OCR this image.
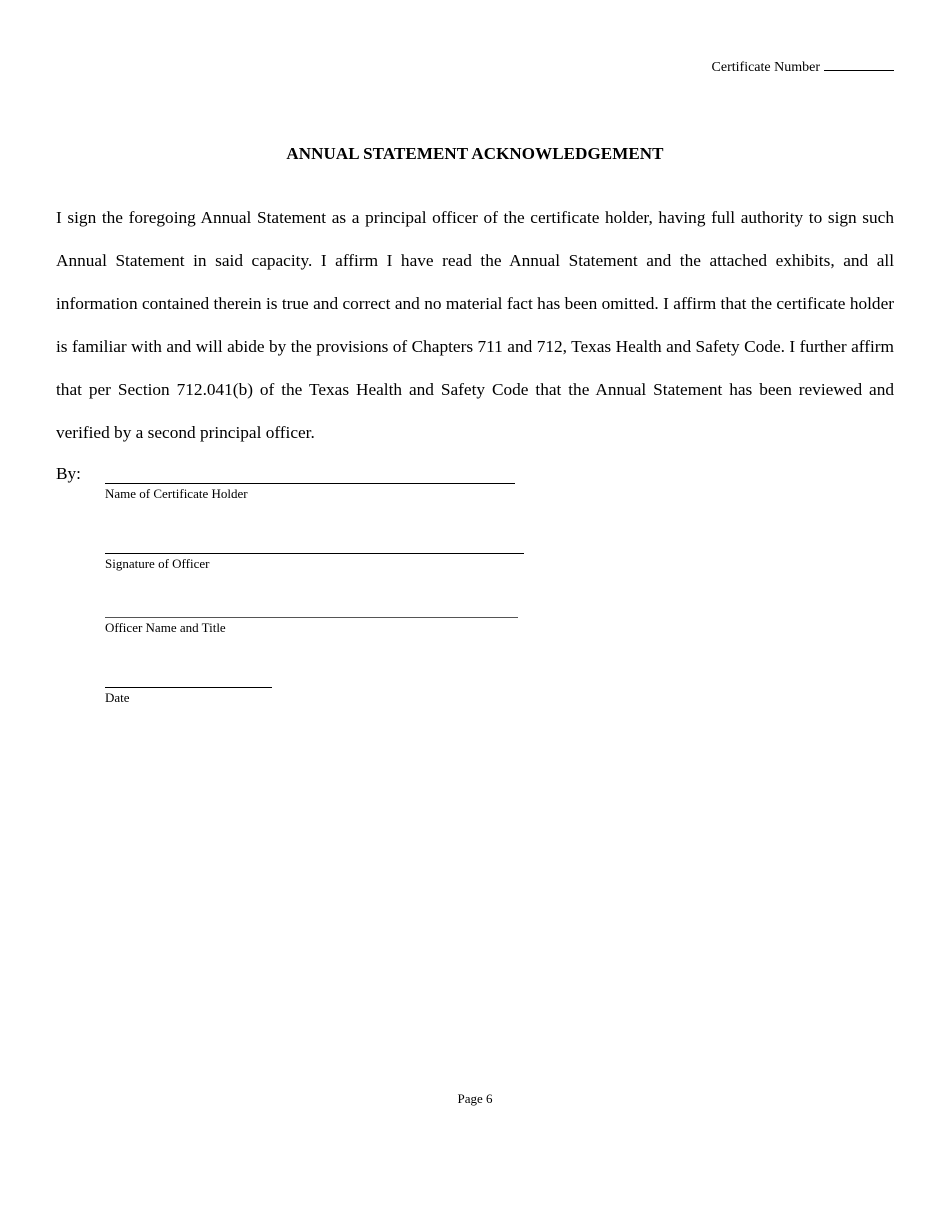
Certificate Number
ANNUAL STATEMENT ACKNOWLEDGEMENT

I sign the foregoing Annual Statement as a principal officer of the certificate holder, having full authority to sign such Annual Statement in said capacity. I affirm I have read the Annual Statement and the attached exhibits, and all information contained therein is true and correct and no material fact has been omitted. I affirm that the certificate holder is familiar with and will abide by the provisions of Chapters 711 and 712, Texas Health and Safety Code. I further affirm that per Section 712.041(b) of the Texas Health and Safety Code that the Annual Statement has been reviewed and verified by a second principal officer.

By:
Name of Certificate Holder
Signature of Officer
Officer Name and Title
Date
Page 6
